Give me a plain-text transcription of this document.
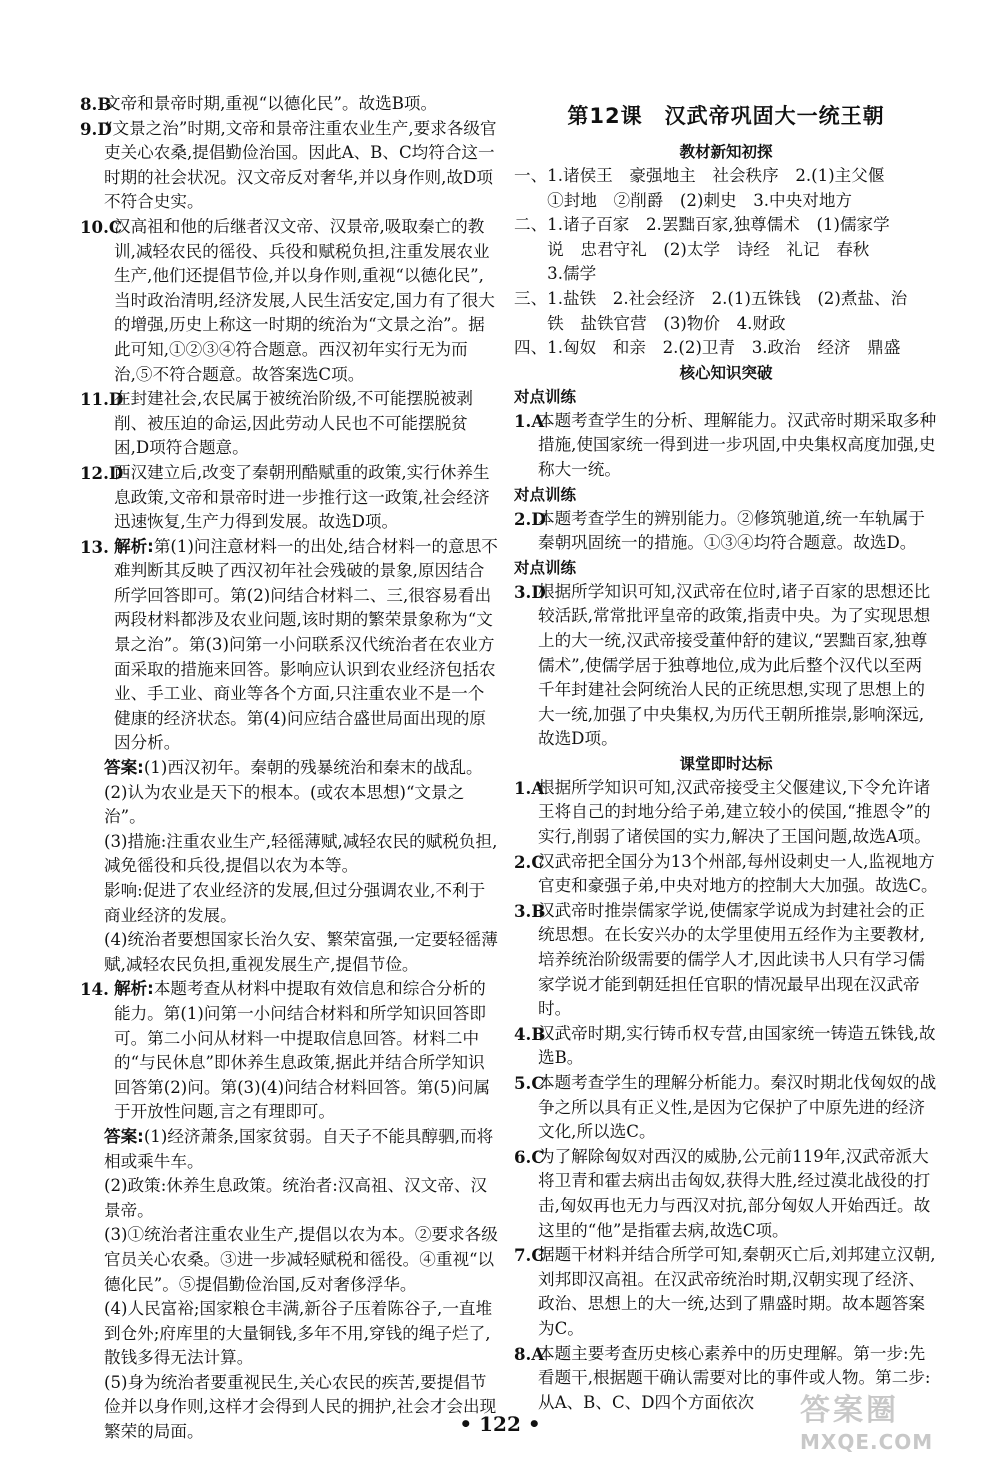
8.B
文帝和景帝时期,重视“以德化民”。故选B项。

9.D
“文景之治”时期,文帝和景帝注重农业生产,要求各级官吏关心农桑,提倡勤俭治国。因此A、B、C均符合这一时期的社会状况。汉文帝反对奢华,并以身作则,故D项不符合史实。

10.C
汉高祖和他的后继者汉文帝、汉景帝,吸取秦亡的教训,减轻农民的徭役、兵役和赋税负担,注重发展农业生产,他们还提倡节俭,并以身作则,重视“以德化民”,当时政治清明,经济发展,人民生活安定,国力有了很大的增强,历史上称这一时期的统治为“文景之治”。据此可知,①②③④符合题意。西汉初年实行无为而治,⑤不符合题意。故答案选C项。

11.D
在封建社会,农民属于被统治阶级,不可能摆脱被剥削、被压迫的命运,因此劳动人民也不可能摆脱贫困,D项符合题意。

12.D
西汉建立后,改变了秦朝刑酷赋重的政策,实行休养生息政策,文帝和景帝时进一步推行这一政策,社会经济迅速恢复,生产力得到发展。故选D项。

13. 解析:第(1)问注意材料一的出处,结合材料一的意思不难判断其反映了西汉初年社会残破的景象,原因结合所学回答即可。第(2)问结合材料二、三,很容易看出两段材料都涉及农业问题,该时期的繁荣景象称为“文景之治”。第(3)问第一小问联系汉代统治者在农业方面采取的措施来回答。影响应认识到农业经济包括农业、手工业、商业等各个方面,只注重农业不是一个健康的经济状态。第(4)问应结合盛世局面出现的原因分析。

答案:(1)西汉初年。秦朝的残暴统治和秦末的战乱。

(2)认为农业是天下的根本。(或农本思想)“文景之治”。

(3)措施:注重农业生产,轻徭薄赋,减轻农民的赋税负担,减免徭役和兵役,提倡以农为本等。

影响:促进了农业经济的发展,但过分强调农业,不利于商业经济的发展。

(4)统治者要想国家长治久安、繁荣富强,一定要轻徭薄赋,减轻农民负担,重视发展生产,提倡节俭。

14. 解析:本题考查从材料中提取有效信息和综合分析的能力。第(1)问第一小问结合材料和所学知识回答即可。第二小问从材料一中提取信息回答。材料二中的“与民休息”即休养生息政策,据此并结合所学知识回答第(2)问。第(3)(4)问结合材料回答。第(5)问属于开放性问题,言之有理即可。

答案:(1)经济萧条,国家贫弱。自天子不能具醇驷,而将相或乘牛车。

(2)政策:休养生息政策。统治者:汉高祖、汉文帝、汉景帝。

(3)①统治者注重农业生产,提倡以农为本。②要求各级官员关心农桑。③进一步减轻赋税和徭役。④重视“以德化民”。⑤提倡勤俭治国,反对奢侈浮华。

(4)人民富裕;国家粮仓丰满,新谷子压着陈谷子,一直堆到仓外;府库里的大量铜钱,多年不用,穿钱的绳子烂了,散钱多得无法计算。

(5)身为统治者要重视民生,关心农民的疾苦,要提倡节俭并以身作则,这样才会得到人民的拥护,社会才会出现繁荣的局面。

第12课　汉武帝巩固大一统王朝
教材新知初探

一、1.诸侯王　豪强地主　社会秩序　2.(1)主父偃

　　①封地　②削爵　(2)刺史　3.中央对地方

二、1.诸子百家　2.罢黜百家,独尊儒术　(1)儒家学

　　说　忠君守礼　(2)太学　诗经　礼记　春秋

　　3.儒学

三、1.盐铁　2.社会经济　2.(1)五铢钱　(2)煮盐、治

　　铁　盐铁官营　(3)物价　4.财政

四、1.匈奴　和亲　2.(2)卫青　3.政治　经济　鼎盛

核心知识突破

对点训练

1.A
本题考查学生的分析、理解能力。汉武帝时期采取多种措施,使国家统一得到进一步巩固,中央集权高度加强,史称大一统。

对点训练

2.D
本题考查学生的辨别能力。②修筑驰道,统一车轨属于秦朝巩固统一的措施。①③④均符合题意。故选D。

对点训练

3.D
根据所学知识可知,汉武帝在位时,诸子百家的思想还比较活跃,常常批评皇帝的政策,指责中央。为了实现思想上的大一统,汉武帝接受董仲舒的建议,“罢黜百家,独尊儒术”,使儒学居于独尊地位,成为此后整个汉代以至两千年封建社会阿统治人民的正统思想,实现了思想上的大一统,加强了中央集权,为历代王朝所推崇,影响深远,故选D项。

课堂即时达标

1.A
根据所学知识可知,汉武帝接受主父偃建议,下令允许诸王将自己的封地分给子弟,建立较小的侯国,“推恩令”的实行,削弱了诸侯国的实力,解决了王国问题,故选A项。

2.C
汉武帝把全国分为13个州部,每州设刺史一人,监视地方官吏和豪强子弟,中央对地方的控制大大加强。故选C。

3.B
汉武帝时推崇儒家学说,使儒家学说成为封建社会的正统思想。在长安兴办的太学里使用五经作为主要教材,培养统治阶级需要的儒学人才,因此读书人只有学习儒家学说才能到朝廷担任官职的情况最早出现在汉武帝时。

4.B
汉武帝时期,实行铸币权专营,由国家统一铸造五铢钱,故选B。

5.C
本题考查学生的理解分析能力。秦汉时期北伐匈奴的战争之所以具有正义性,是因为它保护了中原先进的经济文化,所以选C。

6.C
为了解除匈奴对西汉的威胁,公元前119年,汉武帝派大将卫青和霍去病出击匈奴,获得大胜,经过漠北战役的打击,匈奴再也无力与西汉对抗,部分匈奴人开始西迁。故这里的“他”是指霍去病,故选C项。

7.C
据题干材料并结合所学可知,秦朝灭亡后,刘邦建立汉朝,刘邦即汉高祖。在汉武帝统治时期,汉朝实现了经济、政治、思想上的大一统,达到了鼎盛时期。故本题答案为C。

8.A
本题主要考查历史核心素养中的历史理解。第一步:先看题干,根据题干确认需要对比的事件或人物。第二步:从A、B、C、D四个方面依次

• 122 •	答案圈
MXQE.COM
